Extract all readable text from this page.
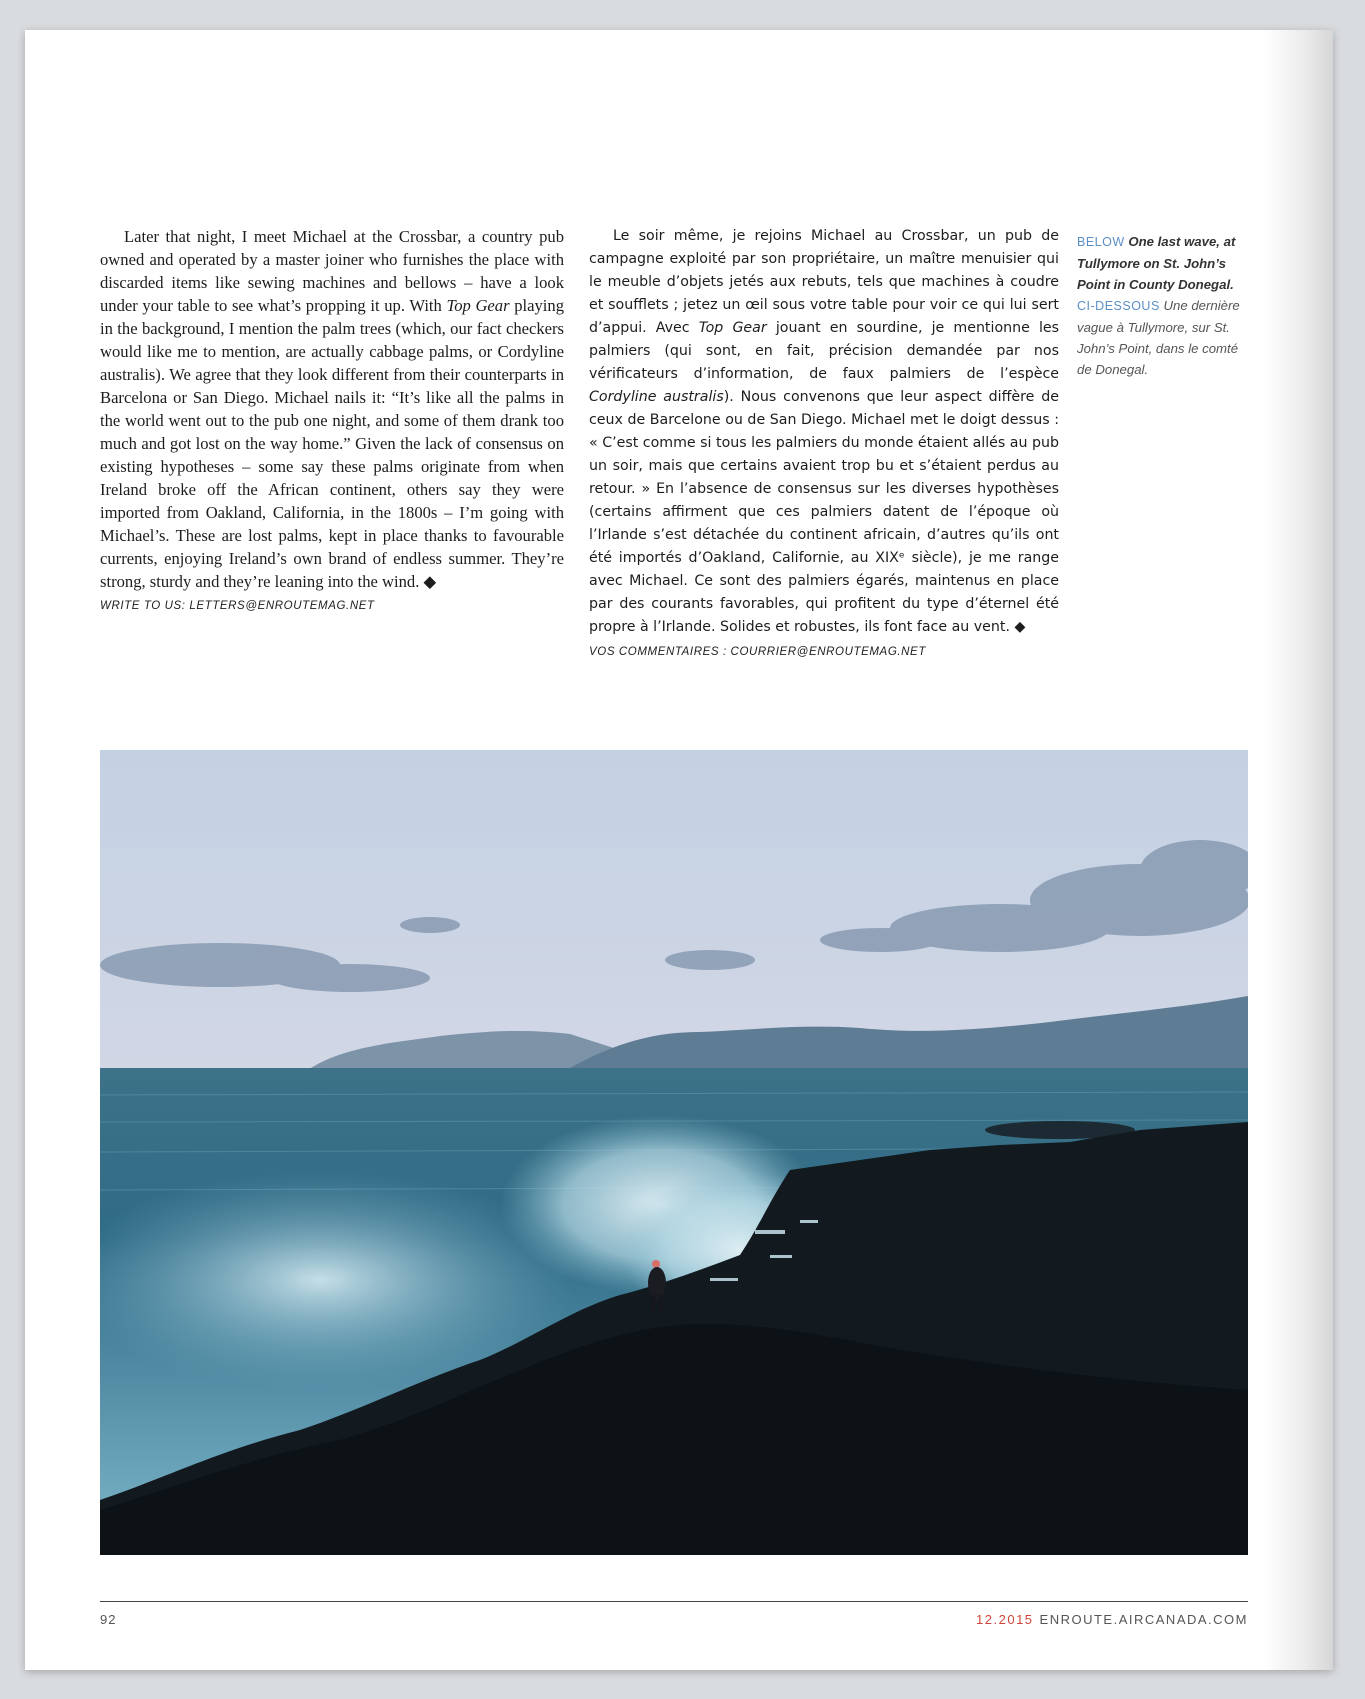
Later that night, I meet Michael at the Crossbar, a country pub owned and operated by a master joiner who furnishes the place with discarded items like sewing machines and bellows – have a look under your table to see what’s propping it up. With Top Gear playing in the background, I mention the palm trees (which, our fact checkers would like me to mention, are actually cabbage palms, or Cordyline australis). We agree that they look different from their counterparts in Barcelona or San Diego. Michael nails it: “It’s like all the palms in the world went out to the pub one night, and some of them drank too much and got lost on the way home.” Given the lack of consensus on existing hypotheses – some say these palms originate from when Ireland broke off the African continent, others say they were imported from Oakland, California, in the 1800s – I’m going with Michael’s. These are lost palms, kept in place thanks to favourable currents, enjoying Ireland’s own brand of endless summer. They’re strong, sturdy and they’re leaning into the wind. ◆

WRITE TO US: LETTERS@ENROUTEMAG.NET

Le soir même, je rejoins Michael au Crossbar, un pub de campagne exploité par son propriétaire, un maître menuisier qui le meuble d’objets jetés aux rebuts, tels que machines à coudre et soufflets ; jetez un œil sous votre table pour voir ce qui lui sert d’appui. Avec Top Gear jouant en sourdine, je mentionne les palmiers (qui sont, en fait, précision demandée par nos vérificateurs d’information, de faux palmiers de l’espèce Cordyline australis). Nous convenons que leur aspect diffère de ceux de Barcelone ou de San Diego. Michael met le doigt dessus : « C’est comme si tous les palmiers du monde étaient allés au pub un soir, mais que certains avaient trop bu et s’étaient perdus au retour. » En l’absence de consensus sur les diverses hypothèses (certains affirment que ces palmiers datent de l’époque où l’Irlande s’est détachée du continent africain, d’autres qu’ils ont été importés d’Oakland, Californie, au XIXᵉ siècle), je me range avec Michael. Ce sont des palmiers égarés, maintenus en place par des courants favorables, qui profitent du type d’éternel été propre à l’Irlande. Solides et robustes, ils font face au vent. ◆

VOS COMMENTAIRES : COURRIER@ENROUTEMAG.NET

BELOW One last wave, at Tullymore on St. John’s Point in County Donegal. CI-DESSOUS Une dernière vague à Tullymore, sur St. John’s Point, dans le comté de Donegal.
92	12.2015 ENROUTE.AIRCANADA.COM
